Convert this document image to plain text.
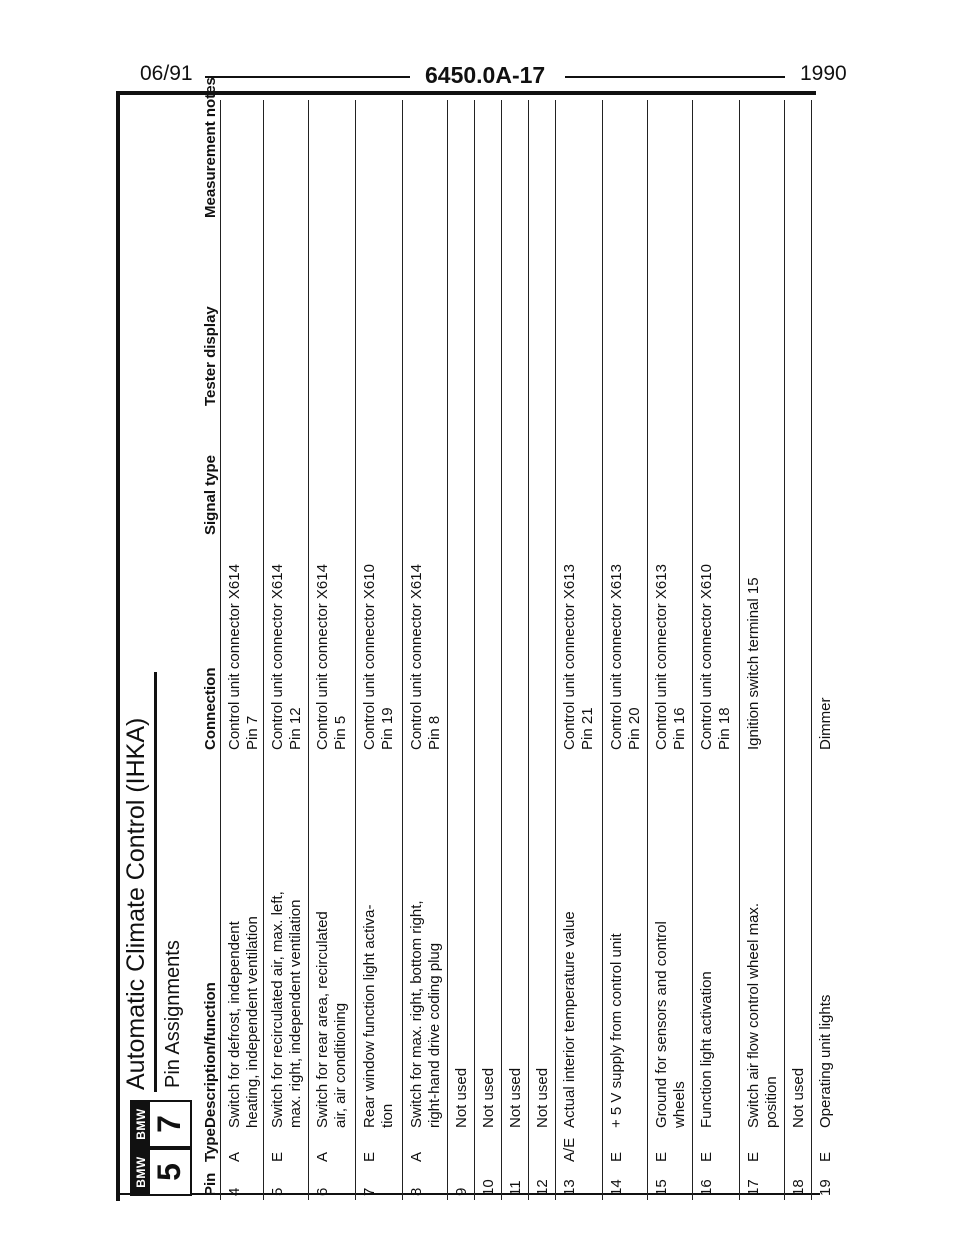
06/91	6450.0A-17	1990
BMW 5
BMW 7
Automatic Climate Control (IHKA) Pin Assignments
Pin
Type
Description/function
Connection
Signal type
Tester display
Measurement notes
4
A
Switch for defrost, independent
heating, independent ventilation
Control unit connector X614
Pin 7
5
E
Switch for recirculated air, max. left,
max. right, independent ventilation
Control unit connector X614
Pin 12
6
A
Switch for rear area, recirculated
air, air conditioning
Control unit connector X614
Pin 5
7
E
Rear window function light activa-
tion
Control unit connector X610
Pin 19
8
A
Switch for max. right, bottom right,
right-hand drive coding plug
Control unit connector X614
Pin 8
9
Not used
10
Not used
11
Not used
12
Not used
13
A/E
Actual interior temperature value
Control unit connector X613
Pin 21
14
E
+ 5 V supply from control unit
Control unit connector X613
Pin 20
15
E
Ground for sensors and control
wheels
Control unit connector X613
Pin 16
16
E
Function light activation
Control unit connector X610
Pin 18
17
E
Switch air flow control wheel max.
position
Ignition switch terminal 15
18
Not used
19
E
Operating unit lights
Dimmer
